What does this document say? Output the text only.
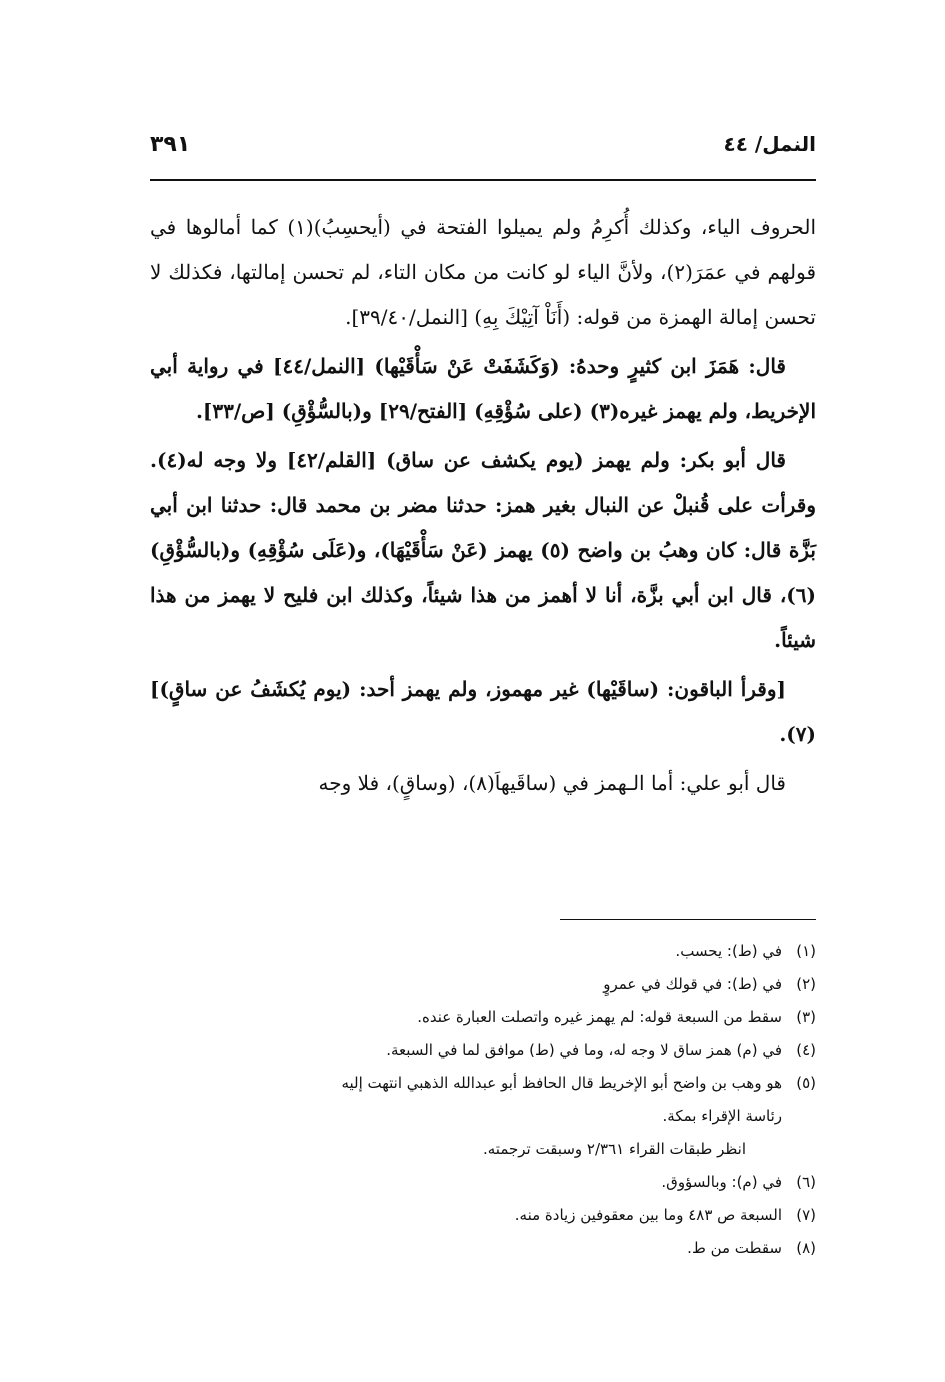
النمل/ ٤٤
٣٩١

الحروف الياء، وكذلك أُكرِمُ ولم يميلوا الفتحة في (أيحسِبُ)(١) كما أمالوها في قولهم في عمَرَ(٢)، ولأنَّ الياء لو كانت من مكان التاء، لم تحسن إمالتها، فكذلك لا تحسن إمالة الهمزة من قوله: (أَنَاْ آتِيْكَ بِهِ) [النمل/٣٩/٤٠].

قال: هَمَزَ ابن كثيرٍ وحدهُ: (وَكَشَفَتْ عَنْ سَأْقَيْها) [النمل/٤٤] في رواية أبي الإخريط، ولم يهمز غيره(٣) (على سُؤْقِهِ) [الفتح/٢٩] و(بالسُّؤْقِ) [ص/٣٣].

قال أبو بكر: ولم يهمز (يوم يكشف عن ساق) [القلم/٤٢] ولا وجه له(٤). وقرأت على قُنبلْ عن النبال بغير همز: حدثنا مضر بن محمد قال: حدثنا ابن أبي بَزَّة قال: كان وهبُ بن واضح (٥) يهمز (عَنْ سَأْقَيْهَا)، و(عَلَى سُؤْقِهِ) و(بالسُّؤْقِ)(٦)، قال ابن أبي بزَّة، أنا لا أهمز من هذا شيئاً، وكذلك ابن فليح لا يهمز من هذا شيئاً.

[وقرأ الباقون: (ساقَيْها) غير مهموز، ولم يهمز أحد: (يوم يُكشَفُ عن ساقٍ)](٧).

قال أبو علي: أما الـهمز في (ساقَيهاَ(٨)، (وساقٍ)، فلا وجه

(١)
في (ط): يحسب.
(٢)
في (ط): في قولك في عمروٍ
(٣)
سقط من السبعة قوله: لم يهمز غيره واتصلت العبارة عنده.
(٤)
في (م) همز ساق لا وجه له، وما في (ط) موافق لما في السبعة.
(٥)
هو وهب بن واضح أبو الإخريط قال الحافظ أبو عبدالله الذهبي انتهت إليه
رئاسة الإقراء بمكة.
انظر طبقات القراء ٢/٣٦١ وسبقت ترجمته.
(٦)
في (م): وبالسؤوق.
(٧)
السبعة ص ٤٨٣ وما بين معقوفين زيادة منه.
(٨)
سقطت من ط.
